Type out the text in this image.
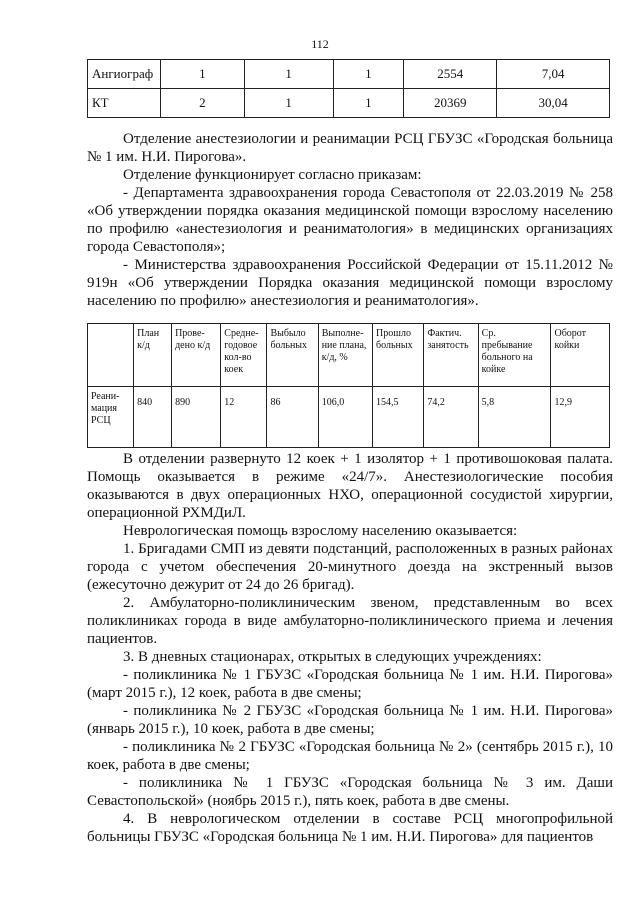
112
Ангиограф	1	1	1	2554	7,04
КТ	2	1	1	20369	30,04

Отделение анестезиологии и реанимации РСЦ ГБУЗС «Городская больница № 1 им. Н.И. Пирогова».

Отделение функционирует согласно приказам:

- Департамента здравоохранения города Севастополя от 22.03.2019 № 258 «Об утверждении порядка оказания медицинской помощи взрослому населению по профилю «анестезиология и реаниматология» в медицинских организациях города Севастополя»;

- Министерства здравоохранения Российской Федерации от 15.11.2012 № 919н «Об утверждении Порядка оказания медицинской помощи взрослому населению по профилю» анестезиология и реаниматология».

	План к/д	Прове-дено к/д	Средне-годовое кол-во коек	Выбыло больных	Выполне-ние плана, к/д, %	Прошло больных	Фактич. занятость	Ср. пребывание больного на койке	Оборот койки
Реани-мация РСЦ	840	890	12	86	106,0	154,5	74,2	5,8	12,9

В отделении развернуто 12 коек + 1 изолятор + 1 противошоковая палата. Помощь оказывается в режиме «24/7». Анестезиологические пособия оказываются в двух операционных НХО, операционной сосудистой хирургии, операционной РХМДиЛ.

Неврологическая помощь взрослому населению оказывается:

1. Бригадами СМП из девяти подстанций, расположенных в разных районах города с учетом обеспечения 20-минутного доезда на экстренный вызов (ежесуточно дежурит от 24 до 26 бригад).

2. Амбулаторно-поликлиническим звеном, представленным во всех поликлиниках города в виде амбулаторно-поликлинического приема и лечения пациентов.

3. В дневных стационарах, открытых в следующих учреждениях:

- поликлиника № 1 ГБУЗС «Городская больница № 1 им. Н.И. Пирогова» (март 2015 г.), 12 коек, работа в две смены;

- поликлиника № 2 ГБУЗС «Городская больница № 1 им. Н.И. Пирогова» (январь 2015 г.), 10 коек, работа в две смены;

- поликлиника № 2 ГБУЗС «Городская больница № 2» (сентябрь 2015 г.), 10 коек, работа в две смены;

- поликлиника № 1 ГБУЗС «Городская больница № 3 им. Даши Севастопольской» (ноябрь 2015 г.), пять коек, работа в две смены.

4. В неврологическом отделении в составе РСЦ многопрофильной больницы ГБУЗС «Городская больница № 1 им. Н.И. Пирогова» для пациентов
